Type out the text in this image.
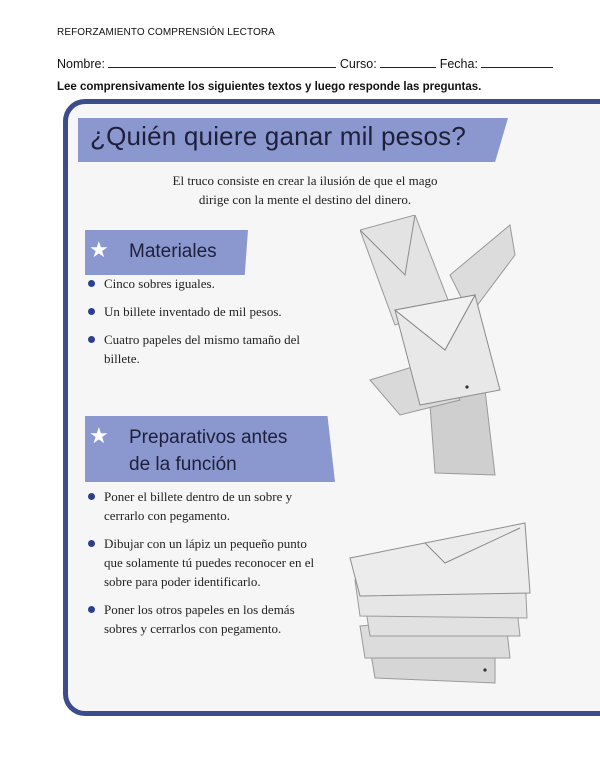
REFORZAMIENTO COMPRENSIÓN LECTORA
Nombre:	Curso:	Fecha:
Lee comprensivamente los siguientes textos y luego responde las preguntas.
¿Quién quiere ganar mil pesos?
El truco consiste en crear la ilusión de que el mago
dirige con la mente el destino del dinero.
★ Materiales
Cinco sobres iguales.
Un billete inventado de mil pesos.
Cuatro papeles del mismo tamaño del billete.
★ Preparativos antes
de la función
Poner el billete dentro de un sobre y cerrarlo con pegamento.
Dibujar con un lápiz un pequeño punto que solamente tú puedes reconocer en el sobre para poder identificarlo.
Poner los otros papeles en los demás sobres y cerrarlos con pegamento.
